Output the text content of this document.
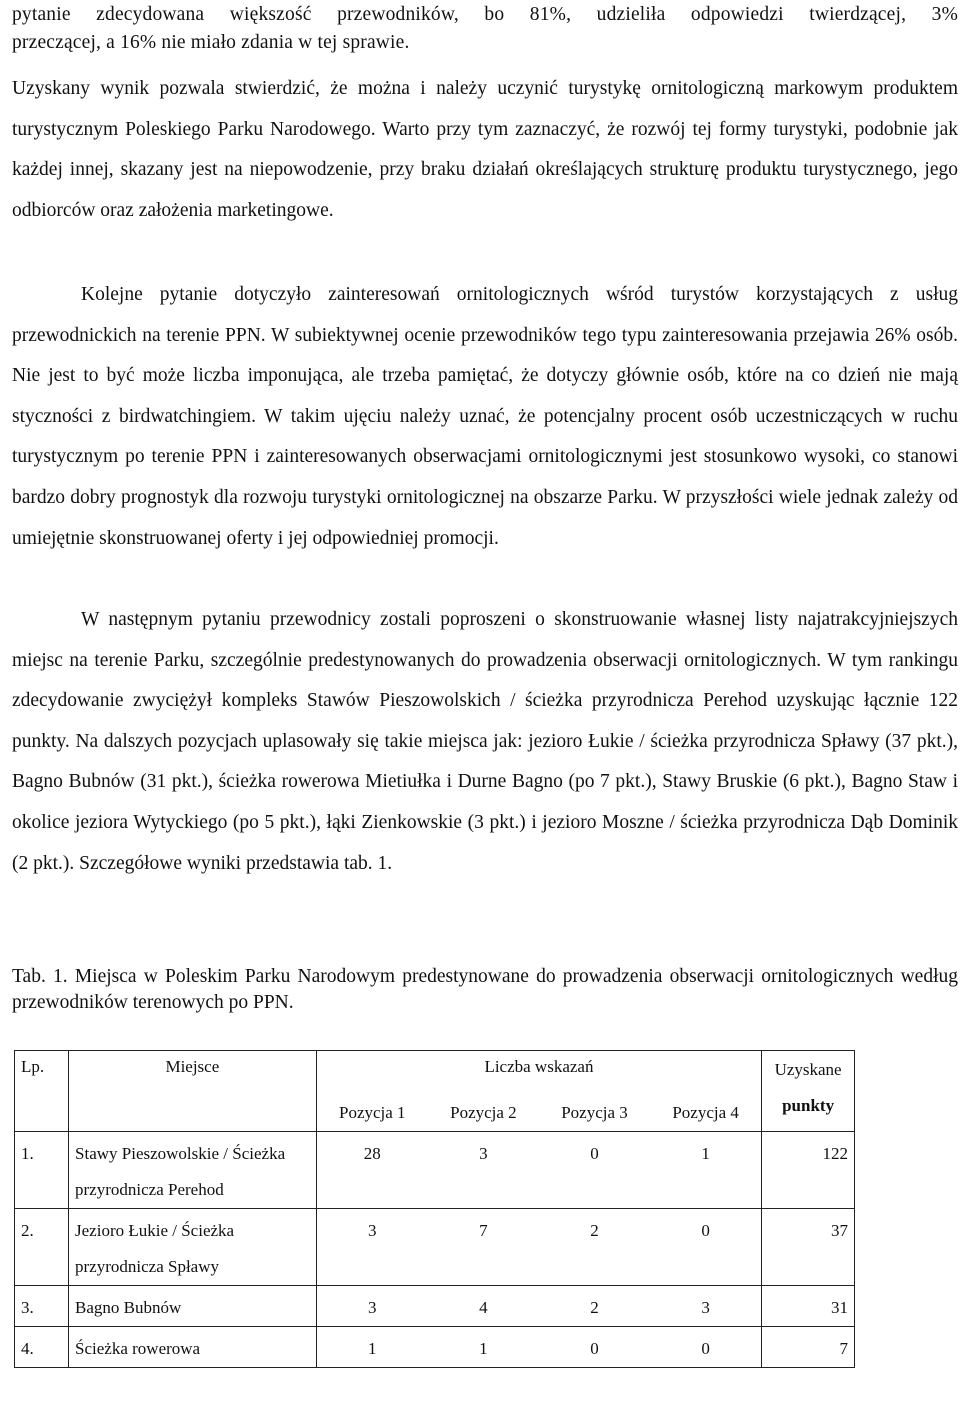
pytanie zdecydowana większość przewodników, bo 81%, udzieliła odpowiedzi twierdzącej, 3%
przeczącej, a 16% nie miało zdania w tej sprawie.

Uzyskany wynik pozwala stwierdzić, że można i należy uczynić turystykę ornitologiczną markowym produktem turystycznym Poleskiego Parku Narodowego. Warto przy tym zaznaczyć, że rozwój tej formy turystyki, podobnie jak każdej innej, skazany jest na niepowodzenie, przy braku działań określających strukturę produktu turystycznego, jego odbiorców oraz założenia marketingowe.

Kolejne pytanie dotyczyło zainteresowań ornitologicznych wśród turystów korzystających z usług przewodnickich na terenie PPN. W subiektywnej ocenie przewodników tego typu zainteresowania przejawia 26% osób. Nie jest to być może liczba imponująca, ale trzeba pamiętać, że dotyczy głównie osób, które na co dzień nie mają styczności z birdwatchingiem. W takim ujęciu należy uznać, że potencjalny procent osób uczestniczących w ruchu turystycznym po terenie PPN i zainteresowanych obserwacjami ornitologicznymi jest stosunkowo wysoki, co stanowi bardzo dobry prognostyk dla rozwoju turystyki ornitologicznej na obszarze Parku. W przyszłości wiele jednak zależy od umiejętnie skonstruowanej oferty i jej odpowiedniej promocji.

W następnym pytaniu przewodnicy zostali poproszeni o skonstruowanie własnej listy najatrakcyjniejszych miejsc na terenie Parku, szczególnie predestynowanych do prowadzenia obserwacji ornitologicznych. W tym rankingu zdecydowanie zwyciężył kompleks Stawów Pieszowolskich / ścieżka przyrodnicza Perehod uzyskując łącznie 122 punkty. Na dalszych pozycjach uplasowały się takie miejsca jak: jezioro Łukie / ścieżka przyrodnicza Spławy (37 pkt.), Bagno Bubnów (31 pkt.), ścieżka rowerowa Mietiułka i Durne Bagno (po 7 pkt.), Stawy Bruskie (6 pkt.), Bagno Staw i okolice jeziora Wytyckiego (po 5 pkt.), łąki Zienkowskie (3 pkt.) i jezioro Moszne / ścieżka przyrodnicza Dąb Dominik (2 pkt.). Szczegółowe wyniki przedstawia tab. 1.

Tab. 1. Miejsca w Poleskim Parku Narodowym predestynowane do prowadzenia obserwacji ornitologicznych według przewodników terenowych po PPN.

Lp.	Miejsce	Liczba wskazań				Uzyskane
punkty

		Pozycja 1	Pozycja 2	Pozycja 3	Pozycja 4	
1.	Stawy Pieszowolskie / Ścieżka przyrodnicza Perehod	28	3	0	1	122
2.	Jezioro Łukie / Ścieżka przyrodnicza Spławy	3	7	2	0	37
3.	Bagno Bubnów	3	4	2	3	31
4.	Ścieżka rowerowa	1	1	0	0	7
